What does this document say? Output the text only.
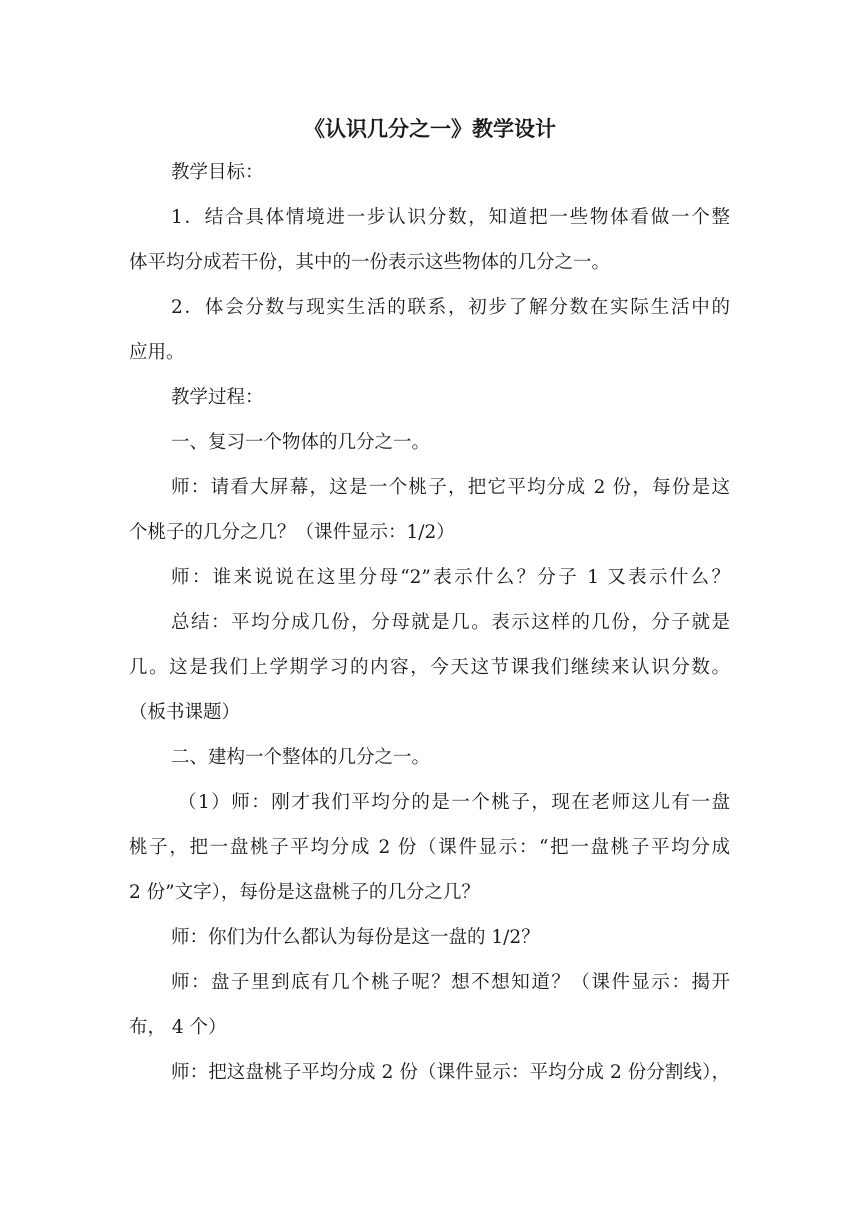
《认识几分之一》教学设计
教学目标：
1．结合具体情境进一步认识分数，知道把一些物体看做一个整
体平均分成若干份，其中的一份表示这些物体的几分之一。
2．体会分数与现实生活的联系，初步了解分数在实际生活中的
应用。
教学过程：
一、复习一个物体的几分之一。
师：请看大屏幕，这是一个桃子，把它平均分成 2 份，每份是这
个桃子的几分之几？（课件显示：1/2）
师：谁来说说在这里分母“2”表示什么？分子 1 又表示什么？
总结：平均分成几份，分母就是几。表示这样的几份，分子就是
几。这是我们上学期学习的内容，今天这节课我们继续来认识分数。
（板书课题）
二、建构一个整体的几分之一。
（1）师：刚才我们平均分的是一个桃子，现在老师这儿有一盘
桃子，把一盘桃子平均分成 2 份（课件显示：“把一盘桃子平均分成
2 份”文字），每份是这盘桃子的几分之几？
师：你们为什么都认为每份是这一盘的 1/2？
师：盘子里到底有几个桃子呢？想不想知道？（课件显示：揭开
布， 4 个）
师：把这盘桃子平均分成 2 份（课件显示：平均分成 2 份分割线），
